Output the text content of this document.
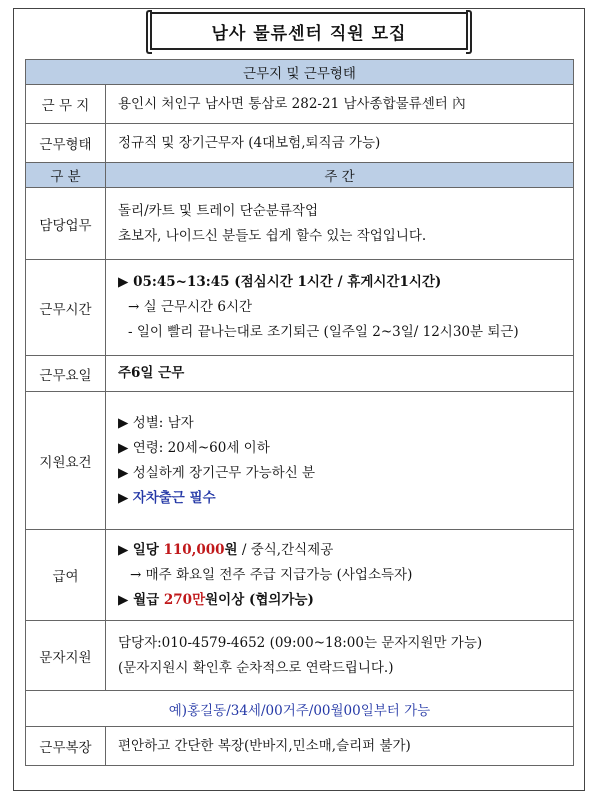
남사 물류센터 직원 모집
근무지 및 근무형태	
근 무 지	용인시 처인구 남사면 통삼로 282-21 남사종합물류센터 內
근무형태	정규직 및 장기근무자 (4대보험,퇴직금 가능)
구 분	주 간
담당업무	돌리/카트 및 트레이 단순분류작업
초보자, 나이드신 분들도 쉽게 할수 있는 작업입니다.

근무시간	▶ 05:45~13:45 (점심시간 1시간 / 휴게시간1시간)
→ 실 근무시간 6시간
- 일이 빨리 끝나는대로 조기퇴근 (일주일 2~3일/ 12시30분 퇴근)

근무요일	주6일 근무
지원요건	▶ 성별: 남자
▶ 연령: 20세~60세 이하
▶ 성실하게 장기근무 가능하신 분
▶ 자차출근 필수

급여	▶ 일당 110,000원 / 중식,간식제공
→ 매주 화요일 전주 주급 지급가능 (사업소득자)
▶ 월급 270만원이상 (협의가능)

문자지원	담당자:010-4579-4652 (09:00~18:00는 문자지원만 가능)
(문자지원시 확인후 순차적으로 연락드립니다.)

예)홍길동/34세/00거주/00월00일부터 가능	
근무복장	편안하고 간단한 복장(반바지,민소매,슬리퍼 불가)
